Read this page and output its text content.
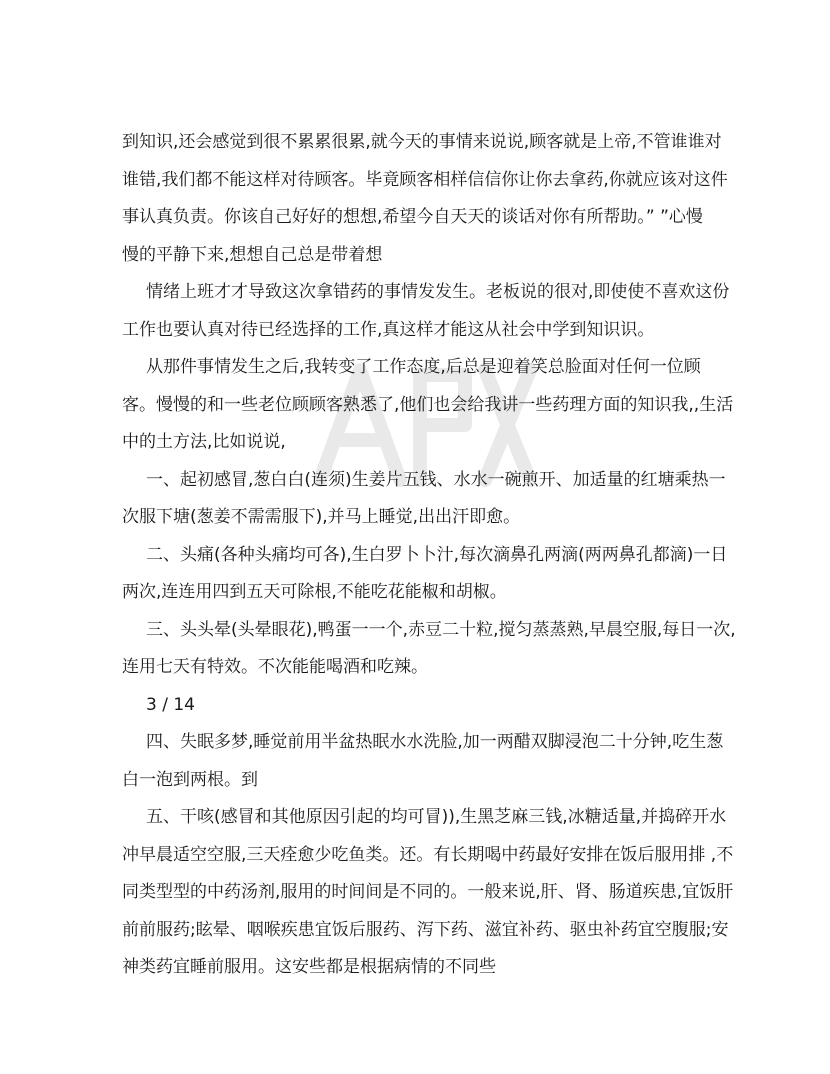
到知识,还会感觉到很不累累很累,就今天的事情来说说,顾客就是上帝,不管谁谁对
谁错,我们都不能这样对待顾客。毕竟顾客相样信信你让你去拿药,你就应该对这件
事认真负责。你该自己好好的想想,希望今自天天的谈话对你有所帮助。” ”心慢
慢的平静下来,想想自己总是带着想
情绪上班才才导致这次拿错药的事情发发生。老板说的很对,即使使不喜欢这份
工作也要认真对待已经选择的工作,真这样才能这从社会中学到知识识。
从那件事情发生之后,我转变了工作态度,后总是迎着笑总脸面对任何一位顾
客。慢慢的和一些老位顾顾客熟悉了,他们也会给我讲一些药理方面的知识我,,生活
中的土方法,比如说说,
一、起初感冒,葱白白(连须)生姜片五钱、水水一碗煎开、加适量的红塘乘热一
次服下塘(葱姜不需需服下),并马上睡觉,出出汗即愈。
二、头痛(各种头痛均可各),生白罗卜卜汁,每次滴鼻孔两滴(两两鼻孔都滴)一日
两次,连连用四到五天可除根,不能吃花能椒和胡椒。
三、头头晕(头晕眼花),鸭蛋一一个,赤豆二十粒,搅匀蒸蒸熟,早晨空服,每日一次,
连用七天有特效。不次能能喝酒和吃辣。
3 / 14
四、失眠多梦,睡觉前用半盆热眠水水洗脸,加一两醋双脚浸泡二十分钟,吃生葱
白一泡到两根。到
五、干咳(感冒和其他原因引起的均可冒)),生黑芝麻三钱,冰糖适量,并捣碎开水
冲早晨适空空服,三天痊愈少吃鱼类。还。有长期喝中药最好安排在饭后服用排 ,不
同类型型的中药汤剂,服用的时间间是不同的。一般来说,肝、肾、肠道疾患,宜饭肝
前前服药;眩晕、咽喉疾患宜饭后服药、泻下药、滋宜补药、驱虫补药宜空腹服;安
神类药宜睡前服用。这安些都是根据病情的不同些
